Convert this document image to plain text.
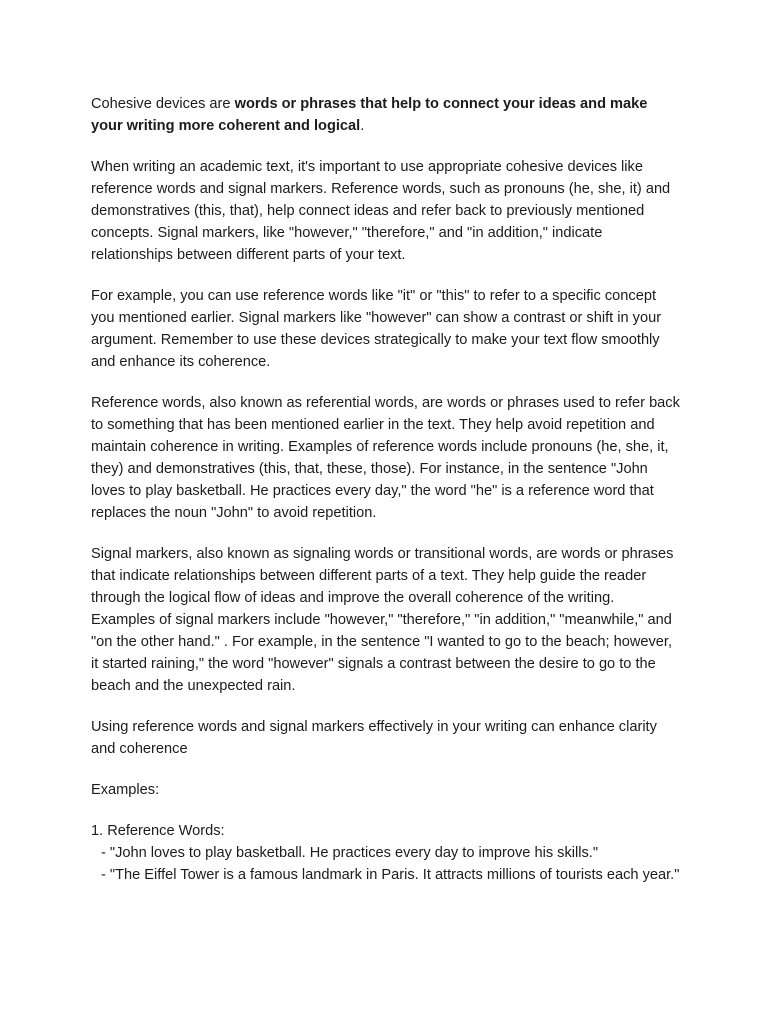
Cohesive devices are words or phrases that help to connect your ideas and make your writing more coherent and logical.

When writing an academic text, it's important to use appropriate cohesive devices like reference words and signal markers. Reference words, such as pronouns (he, she, it) and demonstratives (this, that), help connect ideas and refer back to previously mentioned concepts. Signal markers, like "however," "therefore," and "in addition," indicate relationships between different parts of your text.

For example, you can use reference words like "it" or "this" to refer to a specific concept you mentioned earlier. Signal markers like "however" can show a contrast or shift in your argument. Remember to use these devices strategically to make your text flow smoothly and enhance its coherence.

Reference words, also known as referential words, are words or phrases used to refer back to something that has been mentioned earlier in the text. They help avoid repetition and maintain coherence in writing. Examples of reference words include pronouns (he, she, it, they) and demonstratives (this, that, these, those). For instance, in the sentence "John loves to play basketball. He practices every day," the word "he" is a reference word that replaces the noun "John" to avoid repetition.

Signal markers, also known as signaling words or transitional words, are words or phrases that indicate relationships between different parts of a text. They help guide the reader through the logical flow of ideas and improve the overall coherence of the writing. Examples of signal markers include "however," "therefore," "in addition," "meanwhile," and "on the other hand." . For example, in the sentence "I wanted to go to the beach; however, it started raining," the word "however" signals a contrast between the desire to go to the beach and the unexpected rain.

Using reference words and signal markers effectively in your writing can enhance clarity and coherence

Examples:

1. Reference Words:

- "John loves to play basketball. He practices every day to improve his skills."

- "The Eiffel Tower is a famous landmark in Paris. It attracts millions of tourists each year."
